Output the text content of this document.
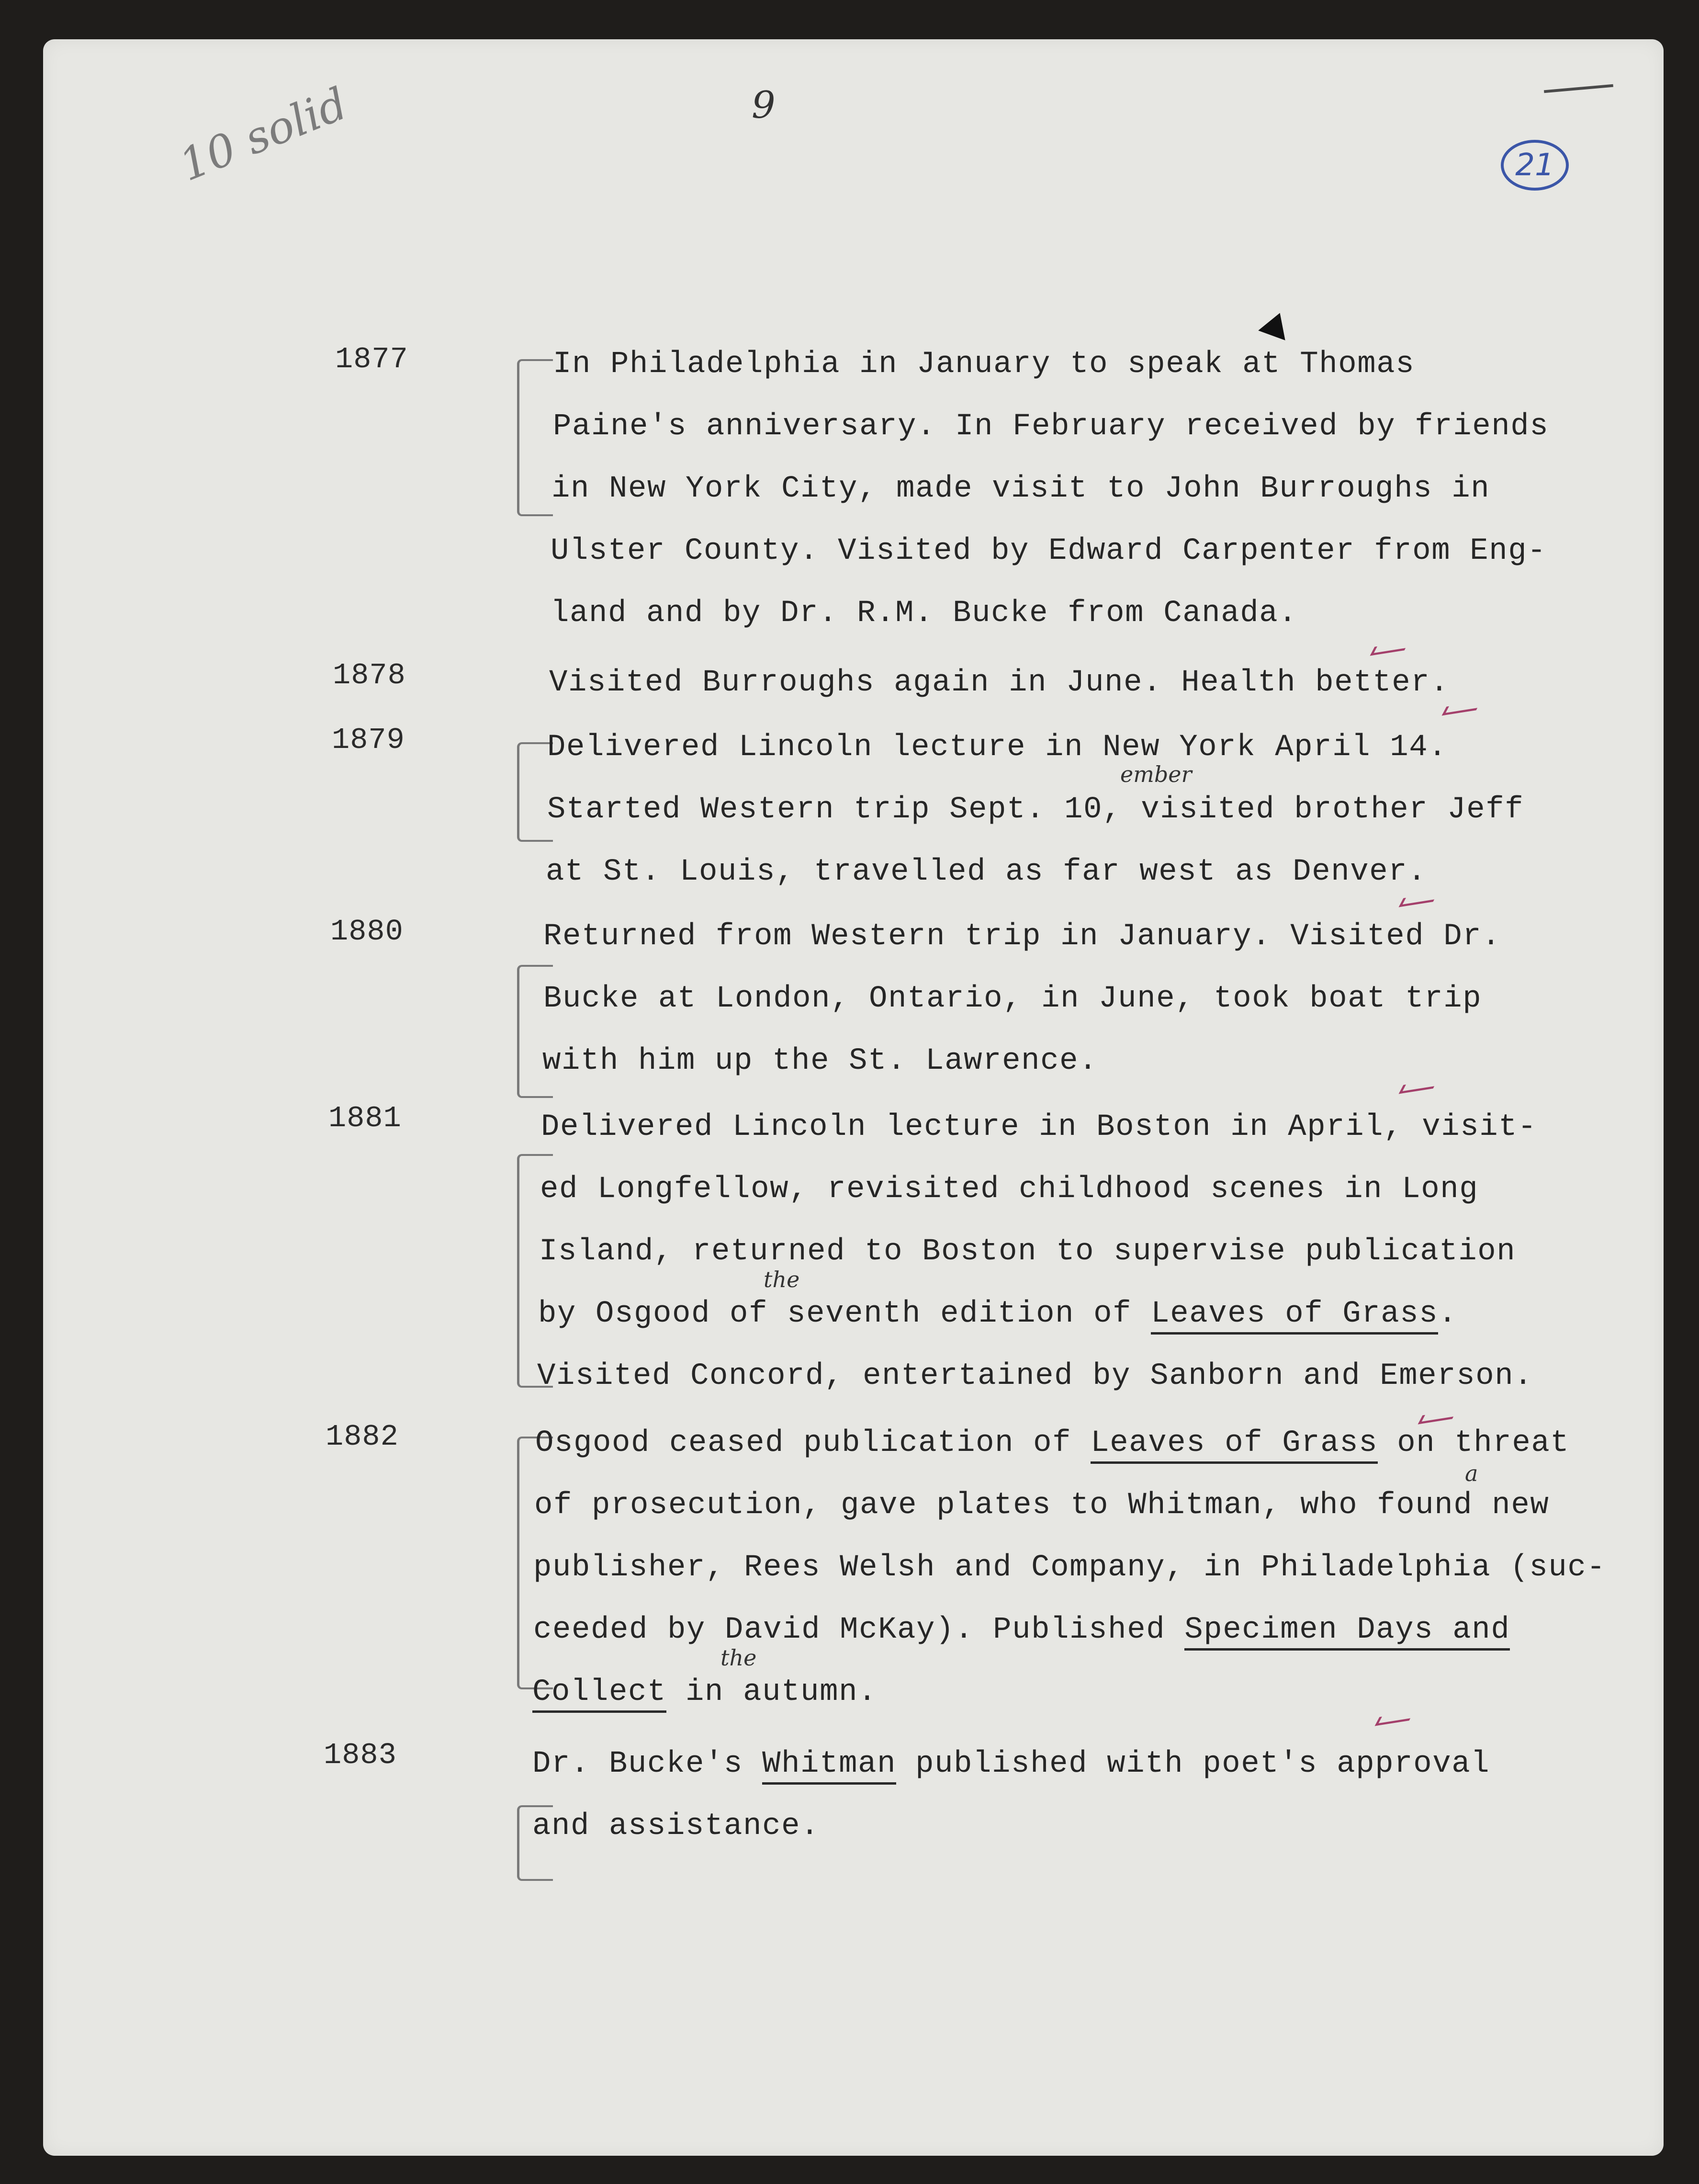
10 solid	9
21
1877	In Philadelphia in January to speak at Thomas
Paine's anniversary. In February received by friends
in New York City, made visit to John Burroughs in
Ulster County. Visited by Edward Carpenter from Eng-
land and by Dr. R.M. Bucke from Canada.
1878	Visited Burroughs again in June. Health better.
1879	Delivered Lincoln lecture in New York April 14.
ember
Started Western trip Sept. 10, visited brother Jeff
at St. Louis, travelled as far west as Denver.
1880	Returned from Western trip in January. Visited Dr.
Bucke at London, Ontario, in June, took boat trip
with him up the St. Lawrence.
1881	Delivered Lincoln lecture in Boston in April, visit-
ed Longfellow, revisited childhood scenes in Long
Island, returned to Boston to supervise publication
the
by Osgood of seventh edition of Leaves of Grass.
Visited Concord, entertained by Sanborn and Emerson.
1882	Osgood ceased publication of Leaves of Grass on threat
a
of prosecution, gave plates to Whitman, who found new
publisher, Rees Welsh and Company, in Philadelphia (suc-
ceeded by David McKay). Published Specimen Days and
the
Collect in autumn.
1883	Dr. Bucke's Whitman published with poet's approval
and assistance.
